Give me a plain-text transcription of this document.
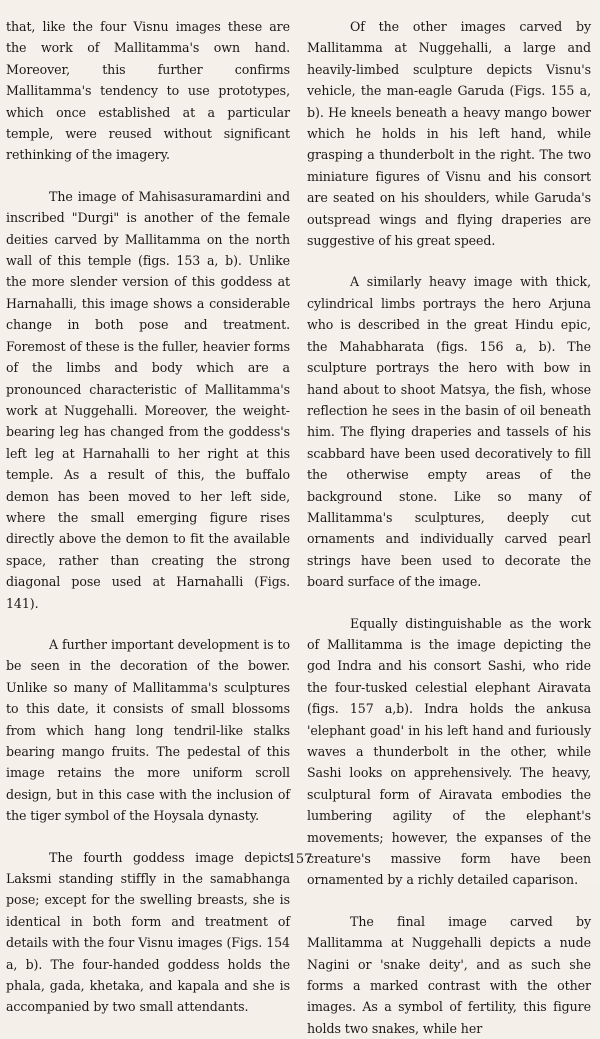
that, like the four Visnu images these are the work of Mallitamma's own hand. Moreover, this further confirms Mallitamma's tendency to use prototypes, which once established at a particular temple, were reused without significant rethinking of the imagery.

The image of Mahisasuramardini and inscribed "Durgi" is another of the female deities carved by Mallitamma on the north wall of this temple (figs. 153 a, b). Unlike the more slender version of this goddess at Harnahalli, this image shows a considerable change in both pose and treatment. Foremost of these is the fuller, heavier forms of the limbs and body which are a pronounced characteristic of Mallitamma's work at Nuggehalli. Moreover, the weight-bearing leg has changed from the goddess's left leg at Harnahalli to her right at this temple. As a result of this, the buffalo demon has been moved to her left side, where the small emerging figure rises directly above the demon to fit the available space, rather than creating the strong diagonal pose used at Harnahalli (Figs. 141).

A further important development is to be seen in the decoration of the bower. Unlike so many of Mallitamma's sculptures to this date, it consists of small blossoms from which hang long tendril-like stalks bearing mango fruits. The pedestal of this image retains the more uniform scroll design, but in this case with the inclusion of the tiger symbol of the Hoysala dynasty.

The fourth goddess image depicts Laksmi standing stiffly in the samabhanga pose; except for the swelling breasts, she is identical in both form and treatment of details with the four Visnu images (Figs. 154 a, b). The four-handed goddess holds the phala, gada, khetaka, and kapala and she is accompanied by two small attendants.

Of the other images carved by Mallitamma at Nuggehalli, a large and heavily-limbed sculpture depicts Visnu's vehicle, the man-eagle Garuda (Figs. 155 a, b). He kneels beneath a heavy mango bower which he holds in his left hand, while grasping a thunderbolt in the right. The two miniature figures of Visnu and his consort are seated on his shoulders, while Garuda's outspread wings and flying draperies are suggestive of his great speed.

A similarly heavy image with thick, cylindrical limbs portrays the hero Arjuna who is described in the great Hindu epic, the Mahabharata (figs. 156 a, b). The sculpture portrays the hero with bow in hand about to shoot Matsya, the fish, whose reflection he sees in the basin of oil beneath him. The flying draperies and tassels of his scabbard have been used decoratively to fill the otherwise empty areas of the background stone. Like so many of Mallitamma's sculptures, deeply cut ornaments and individually carved pearl strings have been used to decorate the board surface of the image.

Equally distinguishable as the work of Mallitamma is the image depicting the god Indra and his consort Sashi, who ride the four-tusked celestial elephant Airavata (figs. 157 a,b). Indra holds the ankusa 'elephant goad' in his left hand and furiously waves a thunderbolt in the other, while Sashi looks on apprehensively. The heavy, sculptural form of Airavata embodies the lumbering agility of the elephant's movements; however, the expanses of the creature's massive form have been ornamented by a richly detailed caparison.

The final image carved by Mallitamma at Nuggehalli depicts a nude Nagini or 'snake deity', and as such she forms a marked contrast with the other images. As a symbol of fertility, this figure holds two snakes, while her

157
